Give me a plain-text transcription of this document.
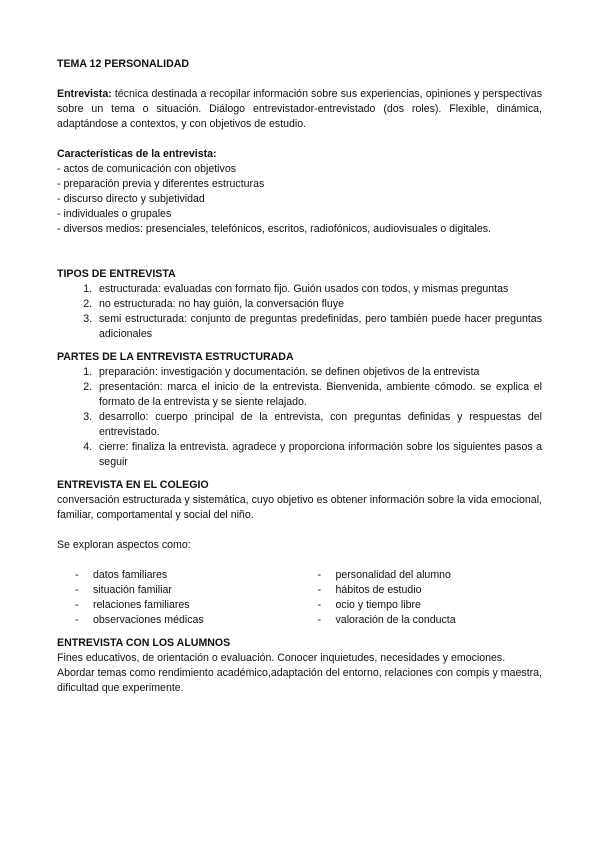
TEMA 12 PERSONALIDAD

Entrevista: técnica destinada a recopilar información sobre sus experiencias, opiniones y perspectivas sobre un tema o situación. Diálogo entrevistador-entrevistado (dos roles). Flexible, dinámica, adaptándose a contextos, y con objetivos de estudio.

Características de la entrevista:

- actos de comunicación con objetivos
- preparación previa y diferentes estructuras
- discurso directo y subjetividad
- individuales o grupales
- diversos medios: presenciales, telefónicos, escritos, radiofónicos, audiovisuales o digitales.

TIPOS DE ENTREVISTA

1. estructurada: evaluadas con formato fijo. Guión usados con todos, y mismas preguntas
2. no estructurada: no hay guión, la conversación fluye
3. semi estructurada: conjunto de preguntas predefinidas, pero también puede hacer preguntas adicionales

PARTES DE LA ENTREVISTA ESTRUCTURADA

1. preparación: investigación y documentación. se definen objetivos de la entrevista
2. presentación: marca el inicio de la entrevista. Bienvenida, ambiente cómodo. se explica el formato de la entrevista y se siente relajado.
3. desarrollo: cuerpo principal de la entrevista, con preguntas definidas y respuestas del entrevistado.
4. cierre: finaliza la entrevista. agradece y proporciona información sobre los siguientes pasos a seguir

ENTREVISTA EN EL COLEGIO

conversación estructurada y sistemática, cuyo objetivo es obtener información sobre la vida emocional, familiar, comportamental y social del niño.

Se exploran aspectos como:

- datos familiares
- situación familiar
- relaciones familiares
- observaciones médicas
- personalidad del alumno
- hábitos de estudio
- ocio y tiempo libre
- valoración de la conducta

ENTREVISTA CON LOS ALUMNOS

Fines educativos, de orientación o evaluación. Conocer inquietudes, necesidades y emociones.

Abordar temas como rendimiento académico,adaptación del entorno, relaciones con compis y maestra, dificultad que experimente.
